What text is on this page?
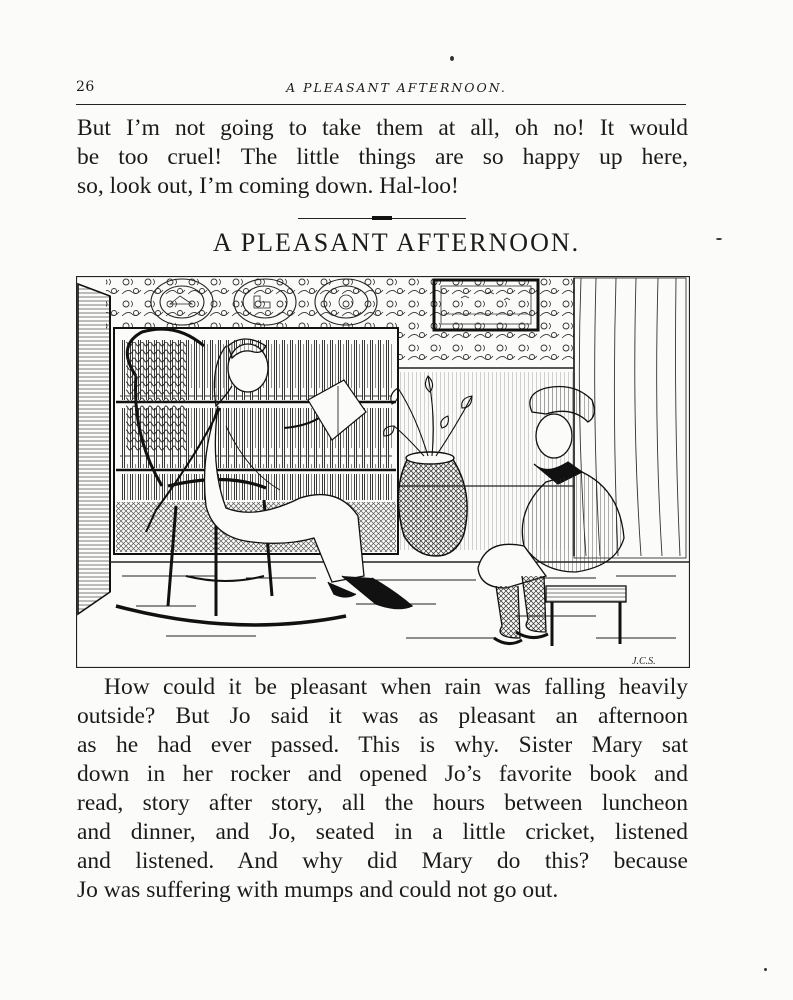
26	A PLEASANT AFTERNOON.
But I’m not going to take them at all, oh no! It would
be too cruel! The little things are so happy up here,
so, look out, I’m coming down. Hal-loo!
A PLEASANT AFTERNOON.
J.C.S.
How could it be pleasant when rain was falling heavily
outside? But Jo said it was as pleasant an afternoon
as he had ever passed. This is why. Sister Mary sat
down in her rocker and opened Jo’s favorite book and
read, story after story, all the hours between luncheon
and dinner, and Jo, seated in a little cricket, listened
and listened. And why did Mary do this? because
Jo was suffering with mumps and could not go out.
